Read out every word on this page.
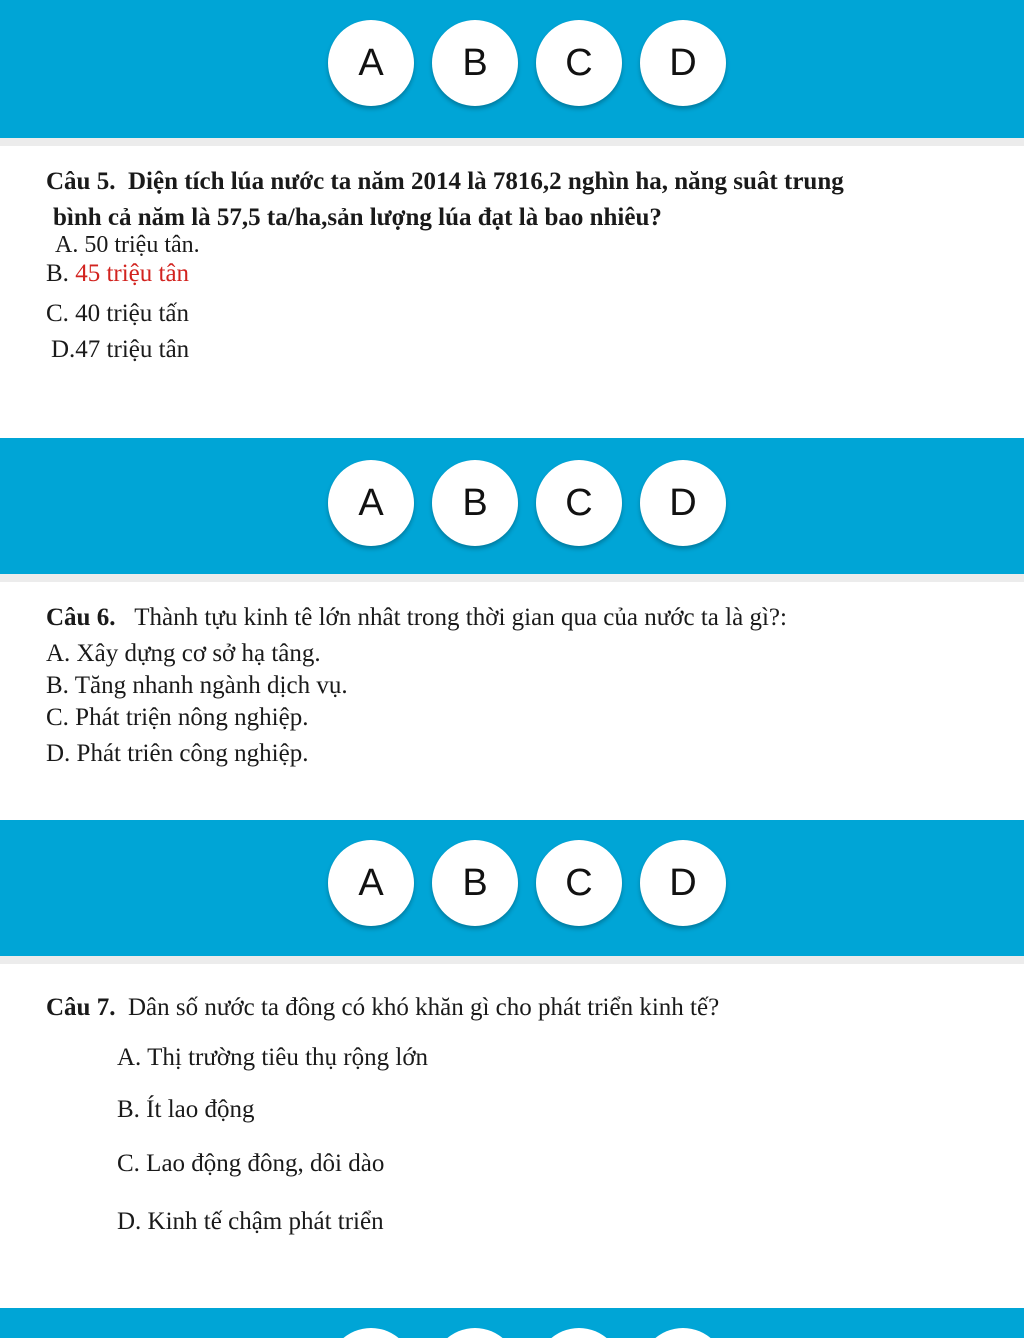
A	B	C	D
Câu 5. Diện tích lúa nước ta năm 2014 là 7816,2 nghìn ha, năng suât trung
bình cả năm là 57,5 ta/ha,sản lượng lúa đạt là bao nhiêu?
A. 50 triệu tân.
B. 45 triệu tân
C. 40 triệu tấn
D.47 triệu tân
A	B	C	D
Câu 6. Thành tựu kinh tê lớn nhât trong thời gian qua của nước ta là gì?:
A. Xây dựng cơ sở hạ tâng.
B. Tăng nhanh ngành dịch vụ.
C. Phát triện nông nghiệp.
D. Phát triên công nghiệp.
A	B	C	D
Câu 7. Dân số nước ta đông có khó khăn gì cho phát triển kinh tế?
A. Thị trường tiêu thụ rộng lớn
B. Ít lao động
C. Lao động đông, dôi dào
D. Kinh tế chậm phát triển
